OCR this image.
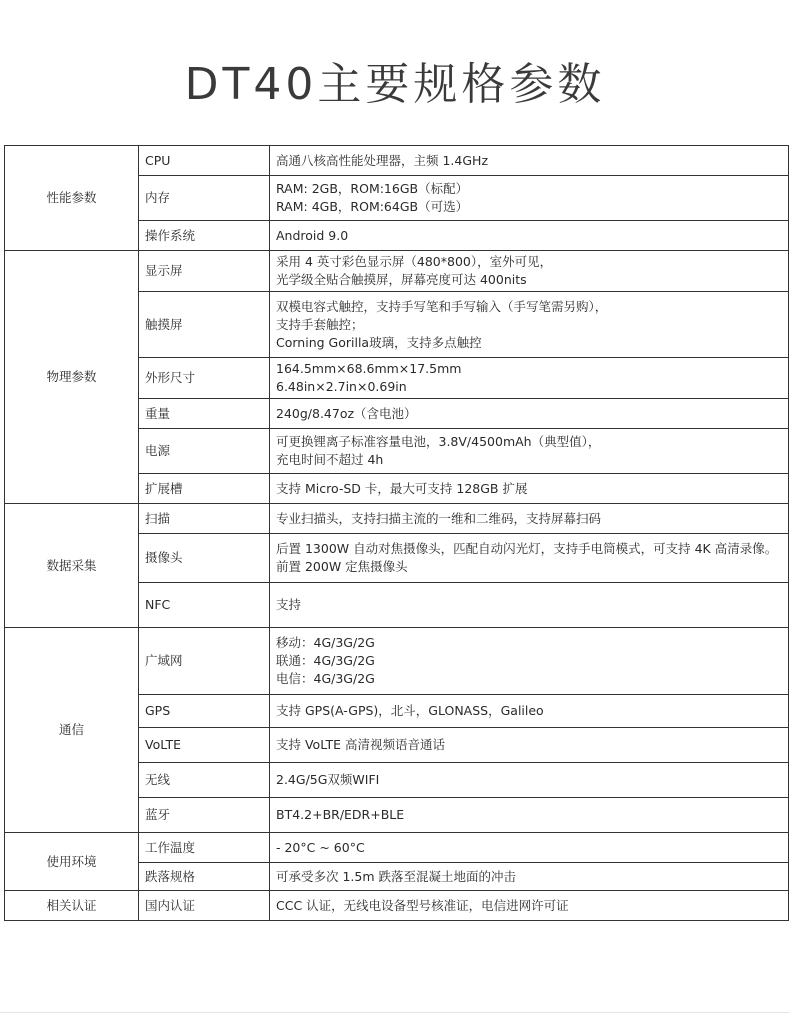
DT40主要规格参数
性能参数	CPU	高通八核高性能处理器，主频 1.4GHz

	内存	RAM: 2GB，ROM:16GB（标配）
RAM: 4GB，ROM:64GB（可选）

	操作系统	Android 9.0

物理参数	显示屏	采用 4 英寸彩色显示屏（480*800），室外可见，
光学级全贴合触摸屏，屏幕亮度可达 400nits

	触摸屏	双模电容式触控，支持手写笔和手写输入（手写笔需另购），
支持手套触控；
Corning Gorilla玻璃，支持多点触控

	外形尺寸	164.5mm×68.6mm×17.5mm
6.48in×2.7in×0.69in

	重量	240g/8.47oz（含电池）

	电源	可更换锂离子标准容量电池，3.8V/4500mAh（典型值），
充电时间不超过 4h

	扩展槽	支持 Micro-SD 卡，最大可支持 128GB 扩展

数据采集	扫描	专业扫描头，支持扫描主流的一维和二维码，支持屏幕扫码

	摄像头	后置 1300W 自动对焦摄像头，匹配自动闪光灯，支持手电筒模式，可支持 4K 高清录像。
前置 200W 定焦摄像头

	NFC	支持

通信	广域网	移动：4G/3G/2G
联通：4G/3G/2G
电信：4G/3G/2G

	GPS	支持 GPS(A-GPS)，北斗，GLONASS，Galileo

	VoLTE	支持 VoLTE 高清视频语音通话

	无线	2.4G/5G双频WIFI

	蓝牙	BT4.2+BR/EDR+BLE

使用环境	工作温度	- 20°C ~ 60°C

	跌落规格	可承受多次 1.5m 跌落至混凝土地面的冲击

相关认证	国内认证	CCC 认证，无线电设备型号核准证，电信进网许可证
